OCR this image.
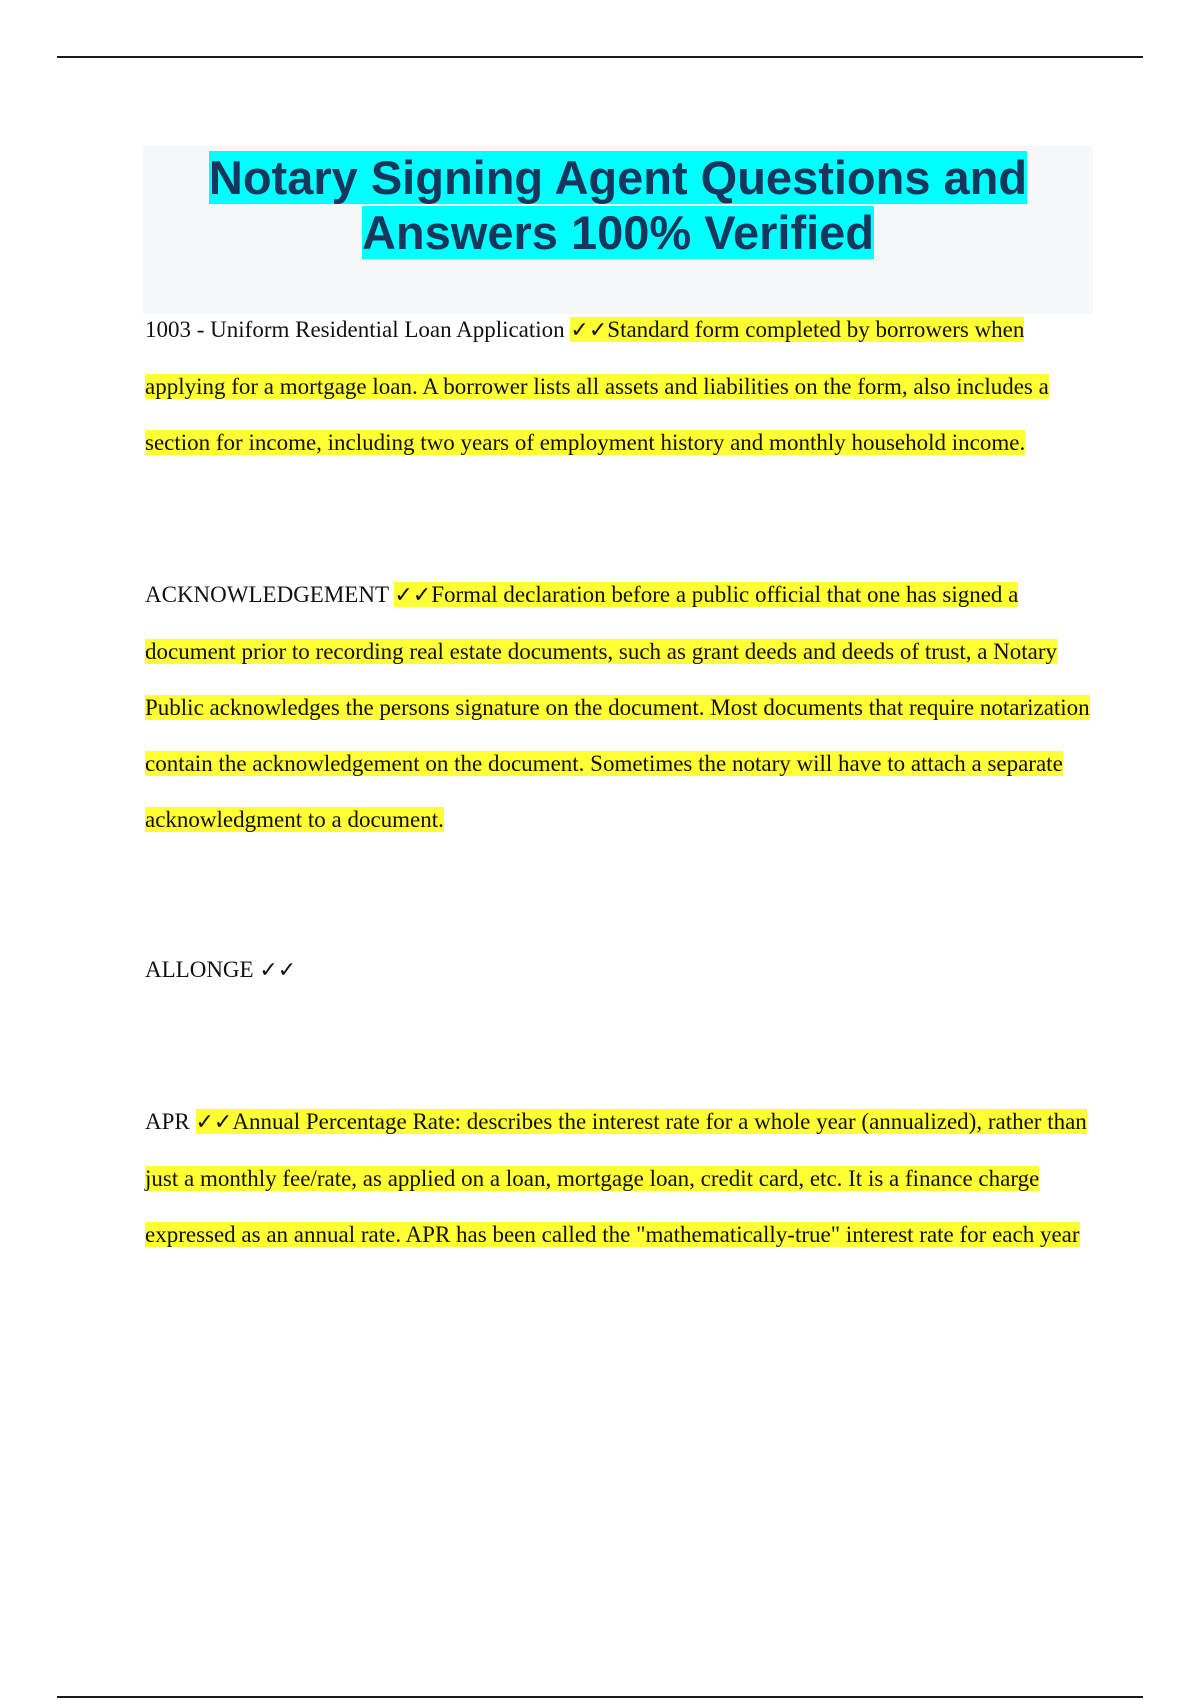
Notary Signing Agent Questions and Answers 100% Verified

1003 - Uniform Residential Loan Application ✓✓Standard form completed by borrowers when applying for a mortgage loan. A borrower lists all assets and liabilities on the form, also includes a section for income, including two years of employment history and monthly household income.

ACKNOWLEDGEMENT ✓✓Formal declaration before a public official that one has signed a document prior to recording real estate documents, such as grant deeds and deeds of trust, a Notary Public acknowledges the persons signature on the document. Most documents that require notarization contain the acknowledgement on the document. Sometimes the notary will have to attach a separate acknowledgment to a document.

ALLONGE ✓✓

APR ✓✓Annual Percentage Rate: describes the interest rate for a whole year (annualized), rather than just a monthly fee/rate, as applied on a loan, mortgage loan, credit card, etc. It is a finance charge expressed as an annual rate. APR has been called the "mathematically-true" interest rate for each year
